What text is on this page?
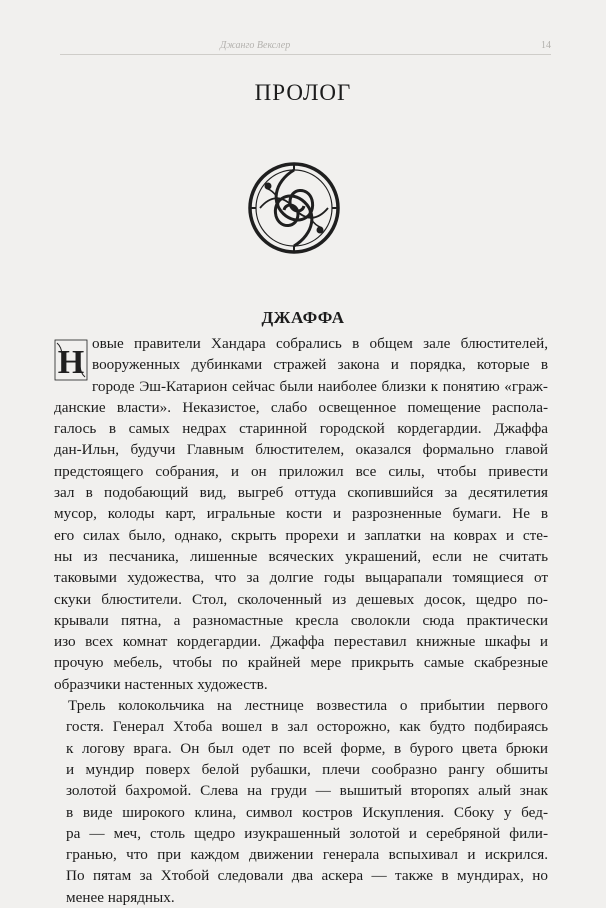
Джанго Векслер	14
ПРОЛОГ
ДЖАФФА

Н
овые правители Хандара собрались в общем зале блюстителей,
вооруженных дубинками стражей закона и порядка, которые в
городе Эш-Катарион сейчас были наиболее близки к понятию «граж-
данские власти». Неказистое, слабо освещенное помещение распола-
галось в самых недрах старинной городской кордегардии. Джаффа
дан-Ильн, будучи Главным блюстителем, оказался формально главой
предстоящего собрания, и он приложил все силы, чтобы привести
зал в подобающий вид, выгреб оттуда скопившийся за десятилетия
мусор, колоды карт, игральные кости и разрозненные бумаги. Не в
его силах было, однако, скрыть прорехи и заплатки на коврах и сте-
ны из песчаника, лишенные всяческих украшений, если не считать
таковыми художества, что за долгие годы выцарапали томящиеся от
скуки блюстители. Стол, сколоченный из дешевых досок, щедро по-
крывали пятна, а разномастные кресла сволокли сюда практически
изо всех комнат кордегардии. Джаффа переставил книжные шкафы и
прочую мебель, чтобы по крайней мере прикрыть самые скабрезные
образчики настенных художеств.

Трель колокольчика на лестнице возвестила о прибытии первого
гостя. Генерал Хтоба вошел в зал осторожно, как будто подбираясь
к логову врага. Он был одет по всей форме, в бурого цвета брюки
и мундир поверх белой рубашки, плечи сообразно рангу обшиты
золотой бахромой. Слева на груди — вышитый второпях алый знак
в виде широкого клина, символ костров Искупления. Сбоку у бед-
ра — меч, столь щедро изукрашенный золотой и серебряной фили-
гранью, что при каждом движении генерала вспыхивал и искрился.
По пятам за Хтобой следовали два аскера — также в мундирах, но
менее нарядных.
